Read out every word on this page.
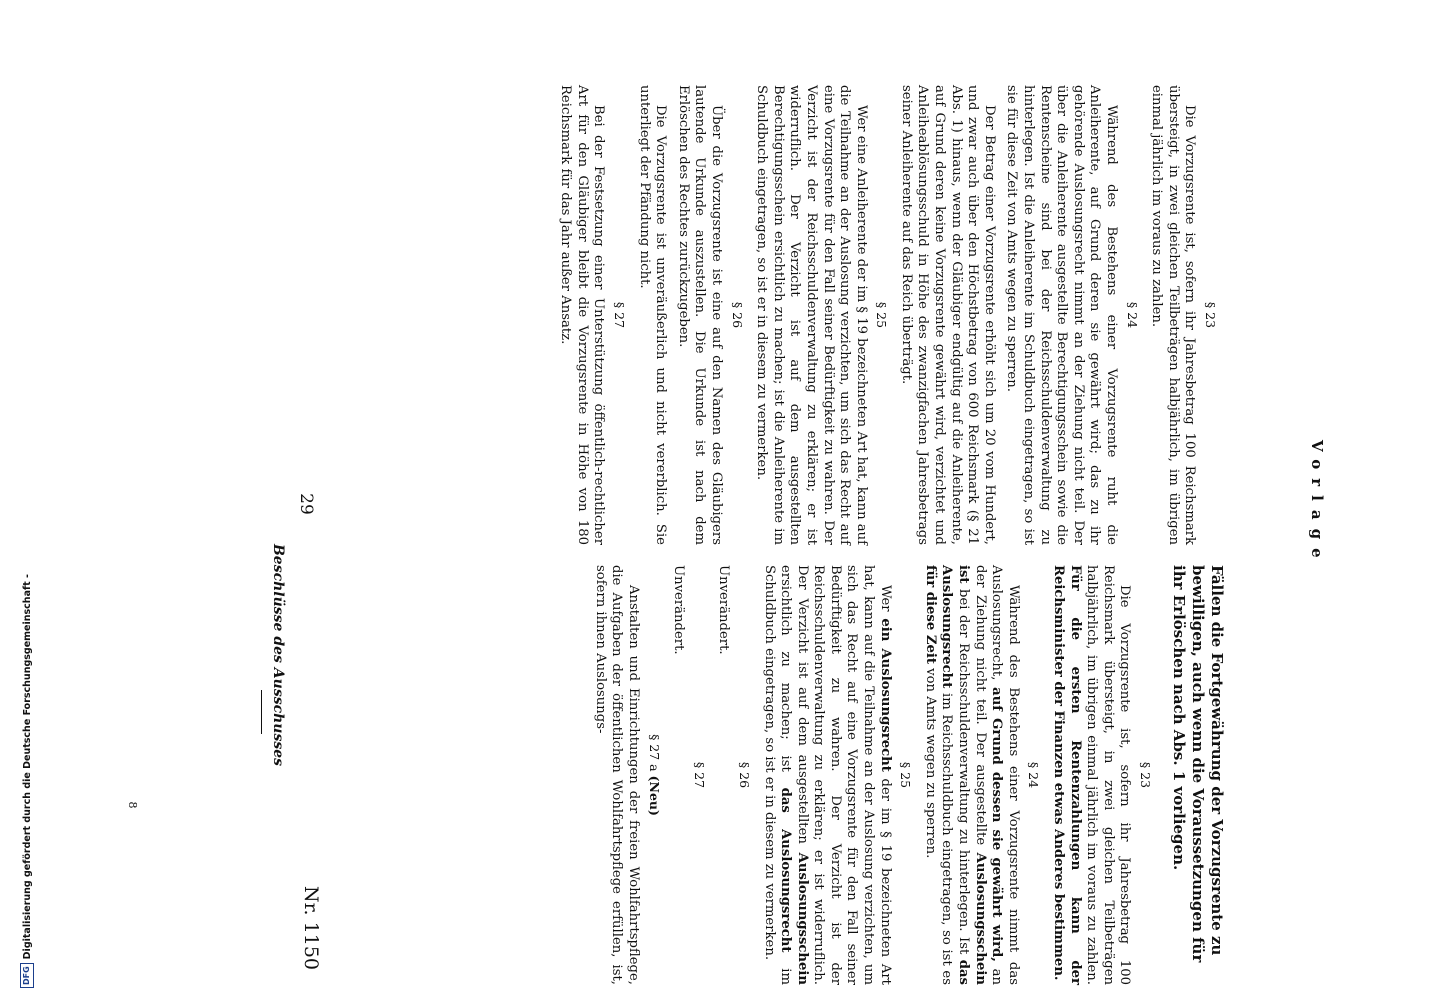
Vorlage
29
Nr. 1150
Beschlüsse des Ausschusses
§ 23

Die Vorzugsrente ist, sofern ihr Jahresbetrag 100 Reichsmark übersteigt, in zwei gleichen Teilbeträgen halbjährlich, im übrigen einmal jährlich im voraus zu zahlen.

§ 24

Während des Bestehens einer Vorzugsrente ruht die Anleiherente, auf Grund deren sie gewährt wird; das zu ihr gehörende Auslosungsrecht nimmt an der Ziehung nicht teil. Der über die Anleiherente ausgestellte Berechtigungsschein sowie die Rentenscheine sind bei der Reichsschuldenverwaltung zu hinterlegen. Ist die Anleiherente im Schuldbuch eingetragen, so ist sie für diese Zeit von Amts wegen zu sperren.

Der Betrag einer Vorzugsrente erhöht sich um 20 vom Hundert, und zwar auch über den Höchstbetrag von 600 Reichsmark (§ 21 Abs. 1) hinaus, wenn der Gläubiger endgültig auf die Anleiherente, auf Grund deren keine Vorzugsrente gewährt wird, verzichtet und Anleiheablösungsschuld in Höhe des zwanzigfachen Jahresbetrags seiner Anleiherente auf das Reich überträgt.

§ 25

Wer eine Anleiherente der im § 19 bezeichneten Art hat, kann auf die Teilnahme an der Auslosung verzichten, um sich das Recht auf eine Vorzugsrente für den Fall seiner Bedürftigkeit zu wahren. Der Verzicht ist der Reichsschuldenverwaltung zu erklären; er ist widerruflich. Der Verzicht ist auf dem ausgestellten Berechtigungsschein ersichtlich zu machen; ist die Anleiherente im Schuldbuch eingetragen, so ist er in diesem zu vermerken.

§ 26

Über die Vorzugsrente ist eine auf den Namen des Gläubigers lautende Urkunde auszustellen. Die Urkunde ist nach dem Erlöschen des Rechtes zurückzugeben.

Die Vorzugsrente ist unveräußerlich und nicht vererblich. Sie unterliegt der Pfändung nicht.

§ 27

Bei der Festsetzung einer Unterstützung öffentlich-rechtlicher Art für den Gläubiger bleibt die Vorzugsrente in Höhe von 180 Reichsmark für das Jahr außer Ansatz.

Fällen die Fortgewährung der Vorzugsrente zu bewilligen, auch wenn die Voraussetzungen für ihr Erlöschen nach Abs. 1 vorliegen.

§ 23

Die Vorzugsrente ist, sofern ihr Jahresbetrag 100 Reichsmark übersteigt, in zwei gleichen Teilbeträgen halbjährlich, im übrigen einmal jährlich im voraus zu zahlen. Für die ersten Rentenzahlungen kann der Reichsminister der Finanzen etwas Anderes bestimmen.

§ 24

Während des Bestehens einer Vorzugsrente nimmt das Auslosungsrecht, auf Grund dessen sie gewährt wird, an der Ziehung nicht teil. Der ausgestellte Auslosungsschein ist bei der Reichsschuldenverwaltung zu hinterlegen. Ist das Auslosungsrecht im Reichsschuldbuch eingetragen, so ist es für diese Zeit von Amts wegen zu sperren.

§ 25

Wer ein Auslosungsrecht der im § 19 bezeichneten Art hat, kann auf die Teilnahme an der Auslosung verzichten, um sich das Recht auf eine Vorzugsrente für den Fall seiner Bedürftigkeit zu wahren. Der Verzicht ist der Reichsschuldenverwaltung zu erklären; er ist widerruflich. Der Verzicht ist auf dem ausgestellten Auslosungsschein ersichtlich zu machen; ist das Auslosungsrecht im Schuldbuch eingetragen, so ist er in diesem zu vermerken.

§ 26

Unverändert.

§ 27

Unverändert.

§ 27 a (Neu)

Anstalten und Einrichtungen der freien Wohlfahrtspflege, die Aufgaben der öffentlichen Wohlfahrtspflege erfüllen, ist, sofern ihnen Auslosungs-

8
DFG
Digitalisierung gefördert durch die Deutsche Forschungsgemeinschaft -
